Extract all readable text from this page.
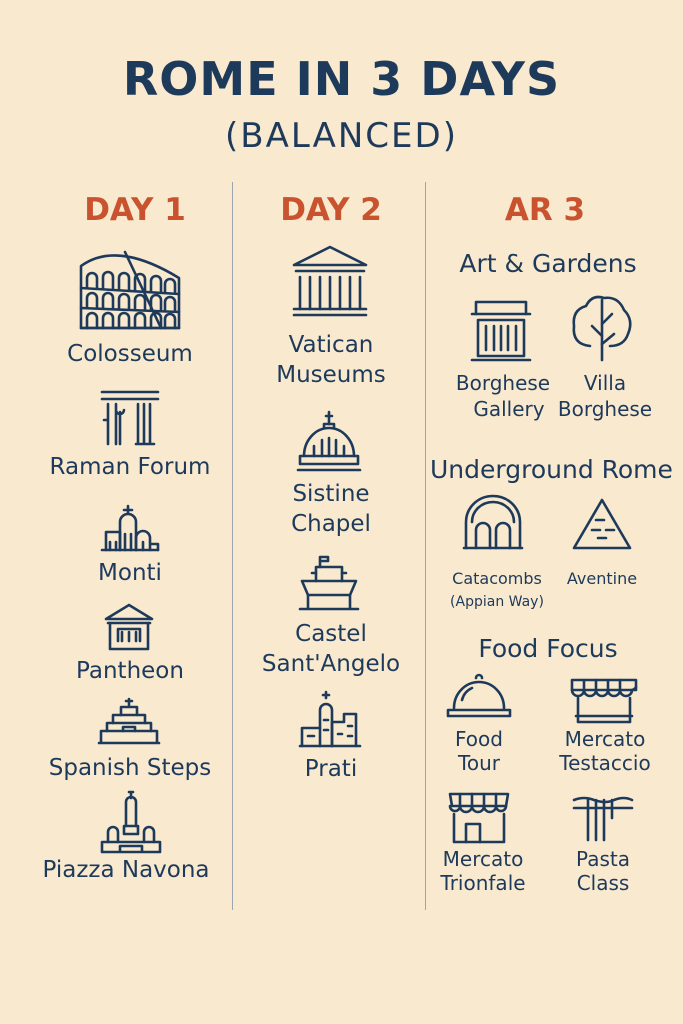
ROME IN 3 DAYS
(BALANCED)
DAY 1
Colosseum
Raman Forum
Monti
Pantheon
Spanish Steps
Piazza Navona
DAY 2
Vatican
Museums
Sistine
Chapel
Castel
Sant'Angelo
Prati
AR 3
Art & Gardens
Borghese
Gallery
Villa
Borghese
Underground Rome
Catacombs
(Appian Way)
Aventine
Food Focus
Food
Tour
Mercato
Testaccio
Mercato
Trionfale
Pasta
Class
